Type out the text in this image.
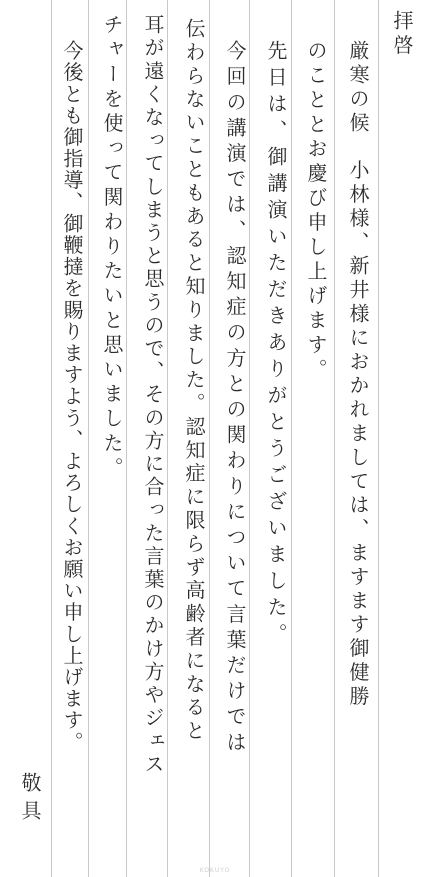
拝啓
厳寒の候　小林様、新井様におかれましては、ますます御健勝
のこととお慶び申し上げます。
先日は、御講演いただきありがとうございました。
今回の講演では、認知症の方との関わりについて言葉だけでは
伝わらないこともあると知りました。認知症に限らず高齢者になると
耳が遠くなってしまうと思うので、その方に合った言葉のかけ方やジェス
チャーを使って関わりたいと思いました。
今後とも御指導、御鞭撻を賜りますよう、よろしくお願い申し上げます。
敬具
KOKUYO
